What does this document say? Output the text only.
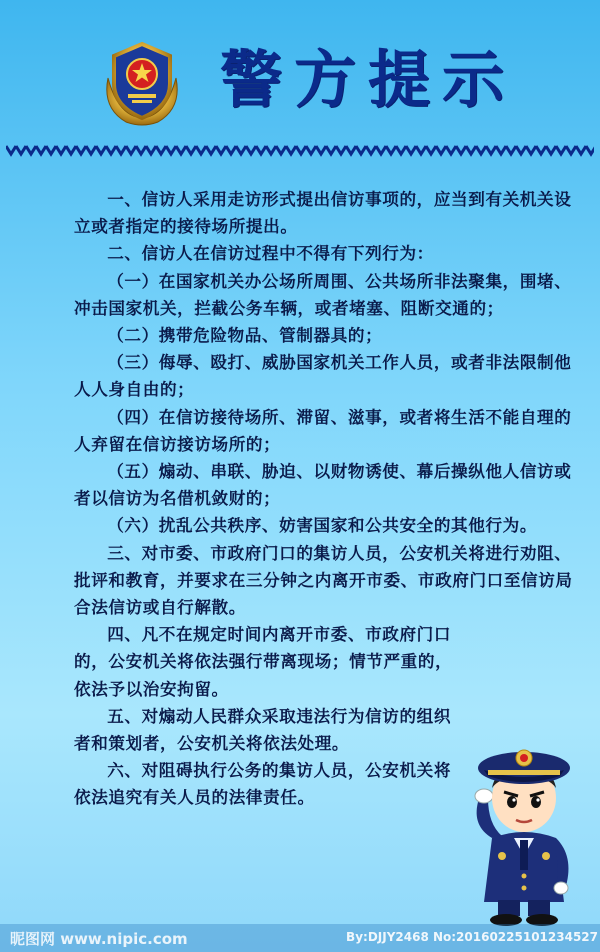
警方提示

一、信访人采用走访形式提出信访事项的，应当到有关机关设立或者指定的接待场所提出。

二、信访人在信访过程中不得有下列行为：

（一）在国家机关办公场所周围、公共场所非法聚集，围堵、冲击国家机关，拦截公务车辆，或者堵塞、阻断交通的；

（二）携带危险物品、管制器具的；

（三）侮辱、殴打、威胁国家机关工作人员，或者非法限制他人人身自由的；

（四）在信访接待场所、滞留、滋事，或者将生活不能自理的人弃留在信访接访场所的；

（五）煽动、串联、胁迫、以财物诱使、幕后操纵他人信访或者以信访为名借机敛财的；

（六）扰乱公共秩序、妨害国家和公共安全的其他行为。

三、对市委、市政府门口的集访人员，公安机关将进行劝阻、批评和教育，并要求在三分钟之内离开市委、市政府门口至信访局合法信访或自行解散。

四、凡不在规定时间内离开市委、市政府门口的，公安机关将依法强行带离现场；情节严重的，依法予以治安拘留。

五、对煽动人民群众采取违法行为信访的组织者和策划者，公安机关将依法处理。

六、对阻碍执行公务的集访人员，公安机关将依法追究有关人员的法律责任。

昵图网 www.nipic.com	By:DJJY2468 No:20160225101234527
